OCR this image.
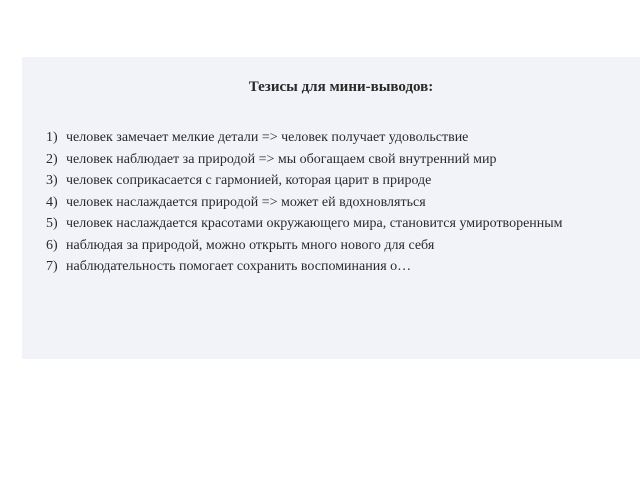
Тезисы для мини-выводов:
1) человек замечает мелкие детали => человек получает удовольствие
2) человек наблюдает за природой => мы обогащаем свой внутренний мир
3) человек соприкасается с гармонией, которая царит в природе
4) человек наслаждается природой => может ей вдохновляться
5) человек наслаждается красотами окружающего мира, становится умиротворенным
6) наблюдая за природой, можно открыть много нового для себя
7) наблюдательность помогает сохранить воспоминания о…
